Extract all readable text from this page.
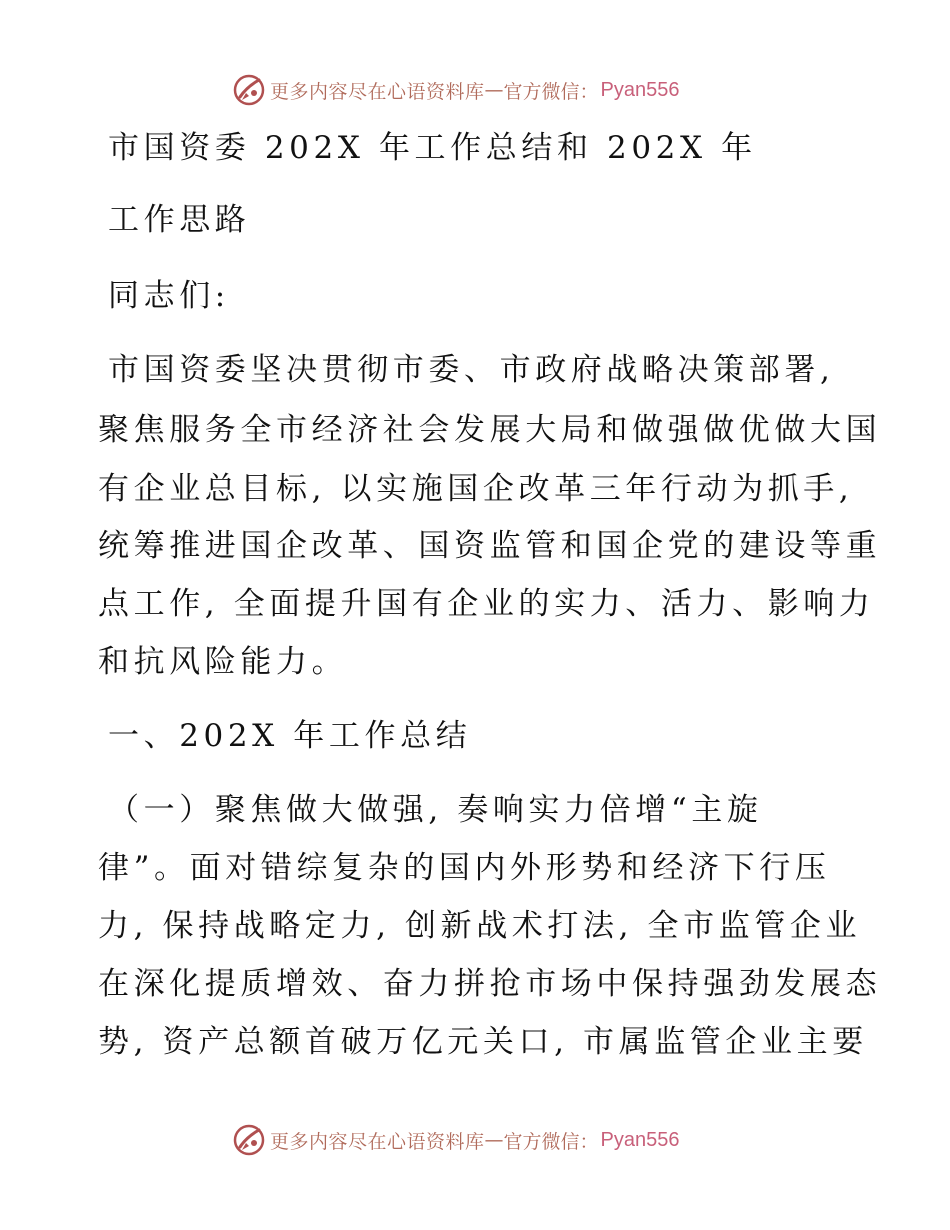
更多内容尽在心语资料库 — 官方微信： Pyan556
市国资委 202X 年工作总结和 202X 年
工作思路
同志们:
市国资委坚决贯彻市委、市政府战略决策部署,
聚焦服务全市经济社会发展大局和做强做优做大国
有企业总目标, 以实施国企改革三年行动为抓手,
统筹推进国企改革、国资监管和国企党的建设等重
点工作, 全面提升国有企业的实力、活力、影响力
和抗风险能力。
一、202X 年工作总结
（一）聚焦做大做强, 奏响实力倍增“主旋
律”。面对错综复杂的国内外形势和经济下行压
力, 保持战略定力, 创新战术打法, 全市监管企业
在深化提质增效、奋力拼抢市场中保持强劲发展态
势, 资产总额首破万亿元关口, 市属监管企业主要
更多内容尽在心语资料库 — 官方微信： Pyan556
